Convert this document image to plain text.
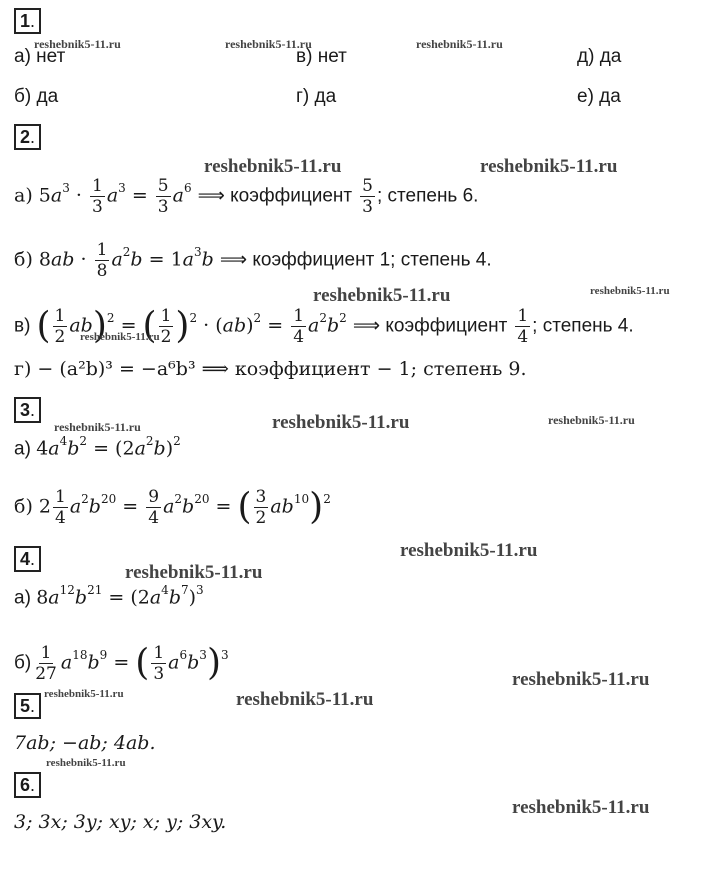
1.
а) нет	в) нет	д) да
б) да	г) да	е) да
2.
а) $5a^3 \cdot \frac{1}{3} a^3 = \frac{5}{3} a^6$ ⟹ коэффициент $\frac{5}{3}$ ; степень 6.
б) $8ab \cdot \frac{1}{8} a^2b = 1a^3b$ ⟹ коэффициент 1; степень 4.
в) ( $\frac{1}{2} ab)^2$ = ( $\frac{1}{2} )^2 \cdot (ab)^2 = \frac{1}{4} a^2b^2$ ⟹ коэффициент $\frac{1}{4}$ ; степень 4.
г) − (a²b)³ = −a⁶b³ ⟹ коэффициент − 1; степень 9.
3.
а) $4a^4b^2 = (2a^2b)^2$
б) $2 \frac{1}{4} a^2b^{20} = \frac{9}{4} a^2b^{20}$ = ( $\frac{3}{2} ab^{10})^2$
4.
а) $8a^{12}b^{21} = (2a^4b^7)^3$
$б) \frac{1}{27} a^{18}b^9$ = ( $\frac{1}{3} a^6b^3)^3$
5.
7ab; −ab; 4ab.
6.
3; 3x; 3y; xy; x; y; 3xy.
reshebnik5-11.ru	reshebnik5-11.ru	reshebnik5-11.ru
reshebnik5-11.ru	reshebnik5-11.ru
reshebnik5-11.ru	reshebnik5-11.ru
reshebnik5-11.ru
reshebnik5-11.ru	reshebnik5-11.ru	reshebnik5-11.ru
reshebnik5-11.ru
reshebnik5-11.ru
reshebnik5-11.ru
reshebnik5-11.ru	reshebnik5-11.ru
reshebnik5-11.ru
reshebnik5-11.ru
